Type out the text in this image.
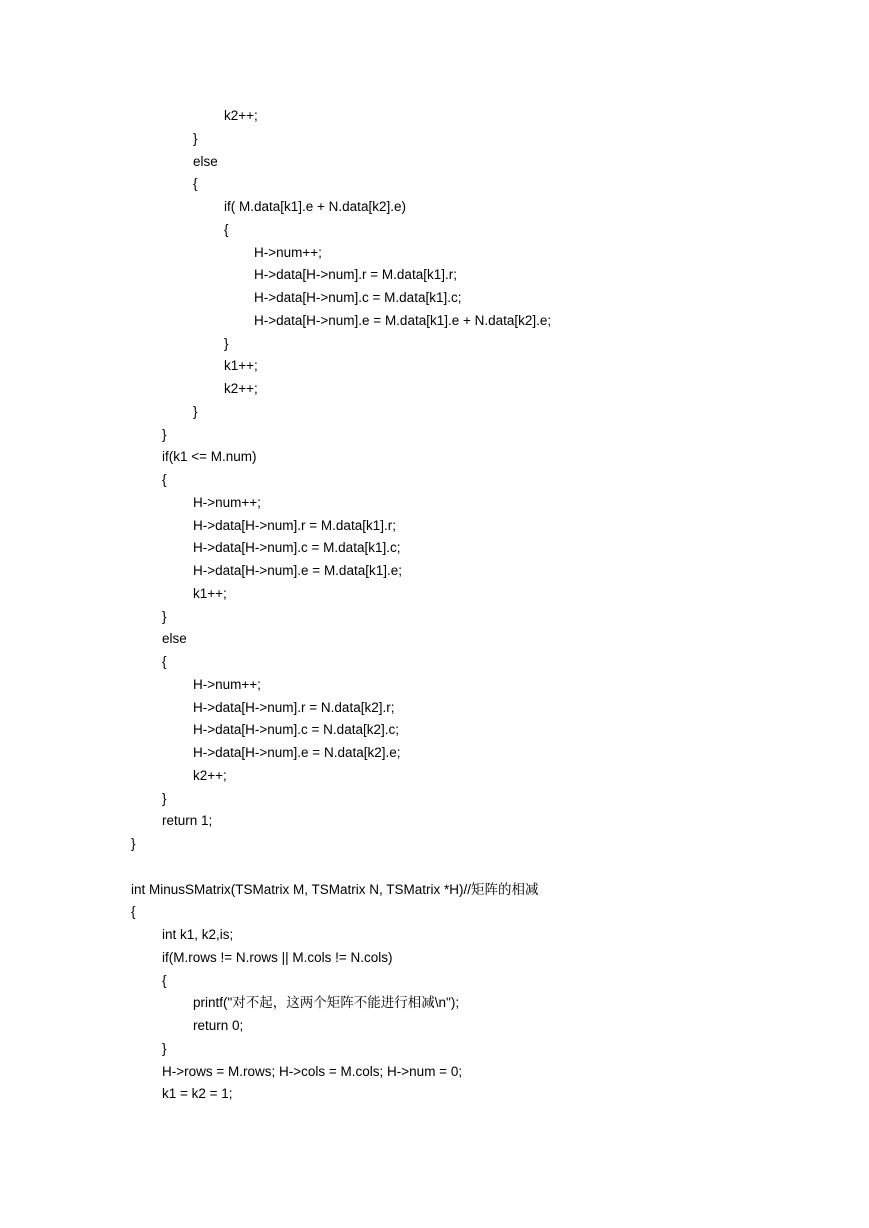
k2++;
}
else
{
if( M.data[k1].e + N.data[k2].e)
{
H->num++;
H->data[H->num].r = M.data[k1].r;
H->data[H->num].c = M.data[k1].c;
H->data[H->num].e = M.data[k1].e + N.data[k2].e;
}
k1++;
k2++;
}
}
if(k1 <= M.num)
{
H->num++;
H->data[H->num].r = M.data[k1].r;
H->data[H->num].c = M.data[k1].c;
H->data[H->num].e = M.data[k1].e;
k1++;
}
else
{
H->num++;
H->data[H->num].r = N.data[k2].r;
H->data[H->num].c = N.data[k2].c;
H->data[H->num].e = N.data[k2].e;
k2++;
}
return 1;
}
int MinusSMatrix(TSMatrix M, TSMatrix N, TSMatrix *H)//矩阵的相减
{
int k1, k2,is;
if(M.rows != N.rows || M.cols != N.cols)
{
printf("对不起，这两个矩阵不能进行相减\n");
return 0;
}
H->rows = M.rows; H->cols = M.cols; H->num = 0;
k1 = k2 = 1;
